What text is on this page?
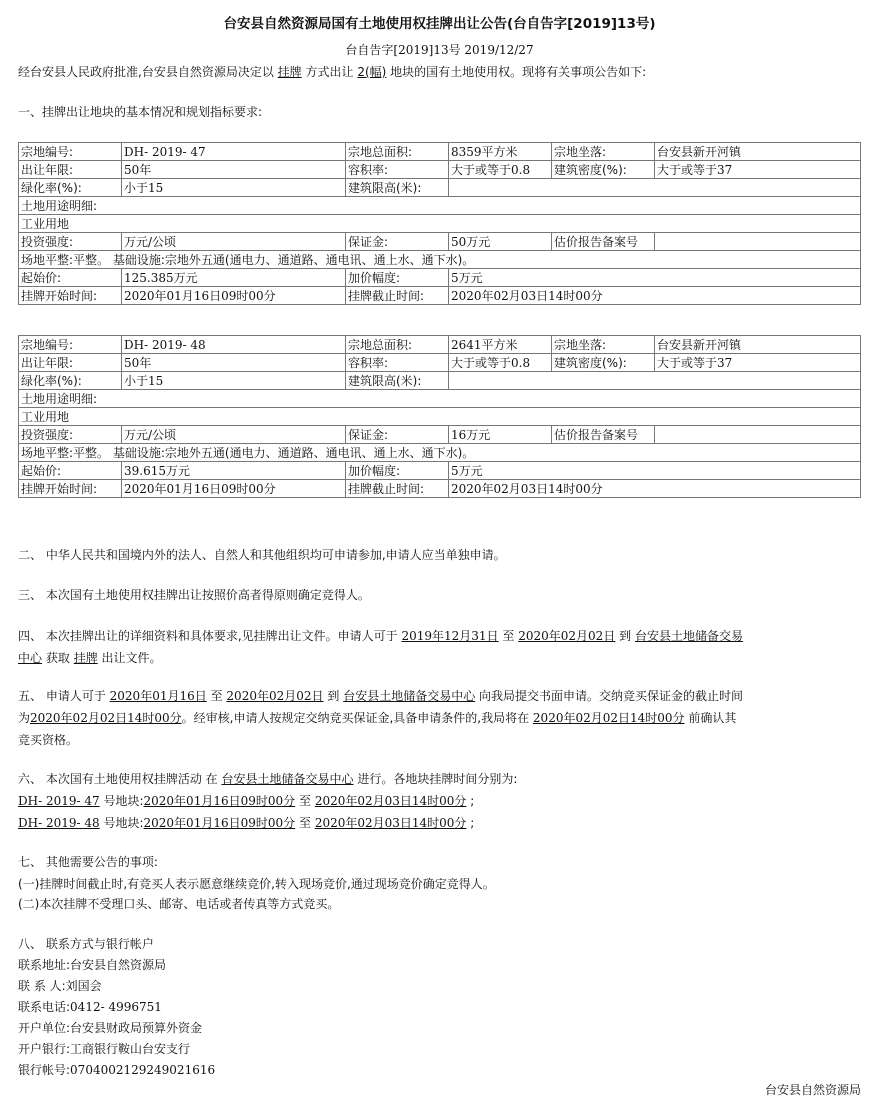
台安县自然资源局国有土地使用权挂牌出让公告(台自告字[2019]13号)
台自告字[2019]13号 2019/12/27
经台安县人民政府批准,台安县自然资源局决定以 挂牌 方式出让 2(幅) 地块的国有土地使用权。现将有关事项公告如下:
一、挂牌出让地块的基本情况和规划指标要求:
宗地编号:	DH- 2019- 47	宗地总面积:	8359平方米	宗地坐落:	台安县新开河镇
出让年限:	50年	容积率:	大于或等于0.8	建筑密度(%):	大于或等于37
绿化率(%):	小于15	建筑限高(米):			
土地用途明细:					
工业用地					
投资强度:	万元/公顷	保证金:	50万元	估价报告备案号	
场地平整:平整。 基础设施:宗地外五通(通电力、通道路、通电讯、通上水、通下水)。					
起始价:	125.385万元	加价幅度:	5万元		
挂牌开始时间:	2020年01月16日09时00分	挂牌截止时间:	2020年02月03日14时00分		
宗地编号:	DH- 2019- 48	宗地总面积:	2641平方米	宗地坐落:	台安县新开河镇
出让年限:	50年	容积率:	大于或等于0.8	建筑密度(%):	大于或等于37
绿化率(%):	小于15	建筑限高(米):			
土地用途明细:					
工业用地					
投资强度:	万元/公顷	保证金:	16万元	估价报告备案号	
场地平整:平整。 基础设施:宗地外五通(通电力、通道路、通电讯、通上水、通下水)。					
起始价:	39.615万元	加价幅度:	5万元		
挂牌开始时间:	2020年01月16日09时00分	挂牌截止时间:	2020年02月03日14时00分		
二、 中华人民共和国境内外的法人、自然人和其他组织均可申请参加,申请人应当单独申请。
三、 本次国有土地使用权挂牌出让按照价高者得原则确定竞得人。
四、 本次挂牌出让的详细资料和具体要求,见挂牌出让文件。申请人可于 2019年12月31日 至 2020年02月02日 到 台安县土地储备交易
中心 获取 挂牌 出让文件。
五、 申请人可于 2020年01月16日 至 2020年02月02日 到 台安县土地储备交易中心 向我局提交书面申请。交纳竞买保证金的截止时间
为2020年02月02日14时00分。经审核,申请人按规定交纳竞买保证金,具备申请条件的,我局将在 2020年02月02日14时00分 前确认其
竞买资格。
六、 本次国有土地使用权挂牌活动 在 台安县土地储备交易中心 进行。各地块挂牌时间分别为:
DH- 2019- 47 号地块:2020年01月16日09时00分 至 2020年02月03日14时00分 ;
DH- 2019- 48 号地块:2020年01月16日09时00分 至 2020年02月03日14时00分 ;
七、 其他需要公告的事项:
(一)挂牌时间截止时,有竞买人表示愿意继续竞价,转入现场竞价,通过现场竞价确定竞得人。
(二)本次挂牌不受理口头、邮寄、电话或者传真等方式竞买。
八、 联系方式与银行帐户
联系地址:台安县自然资源局
联 系 人:刘国会
联系电话:0412- 4996751
开户单位:台安县财政局预算外资金
开户银行:工商银行鞍山台安支行
银行帐号:0704002129249021616
台安县自然资源局
